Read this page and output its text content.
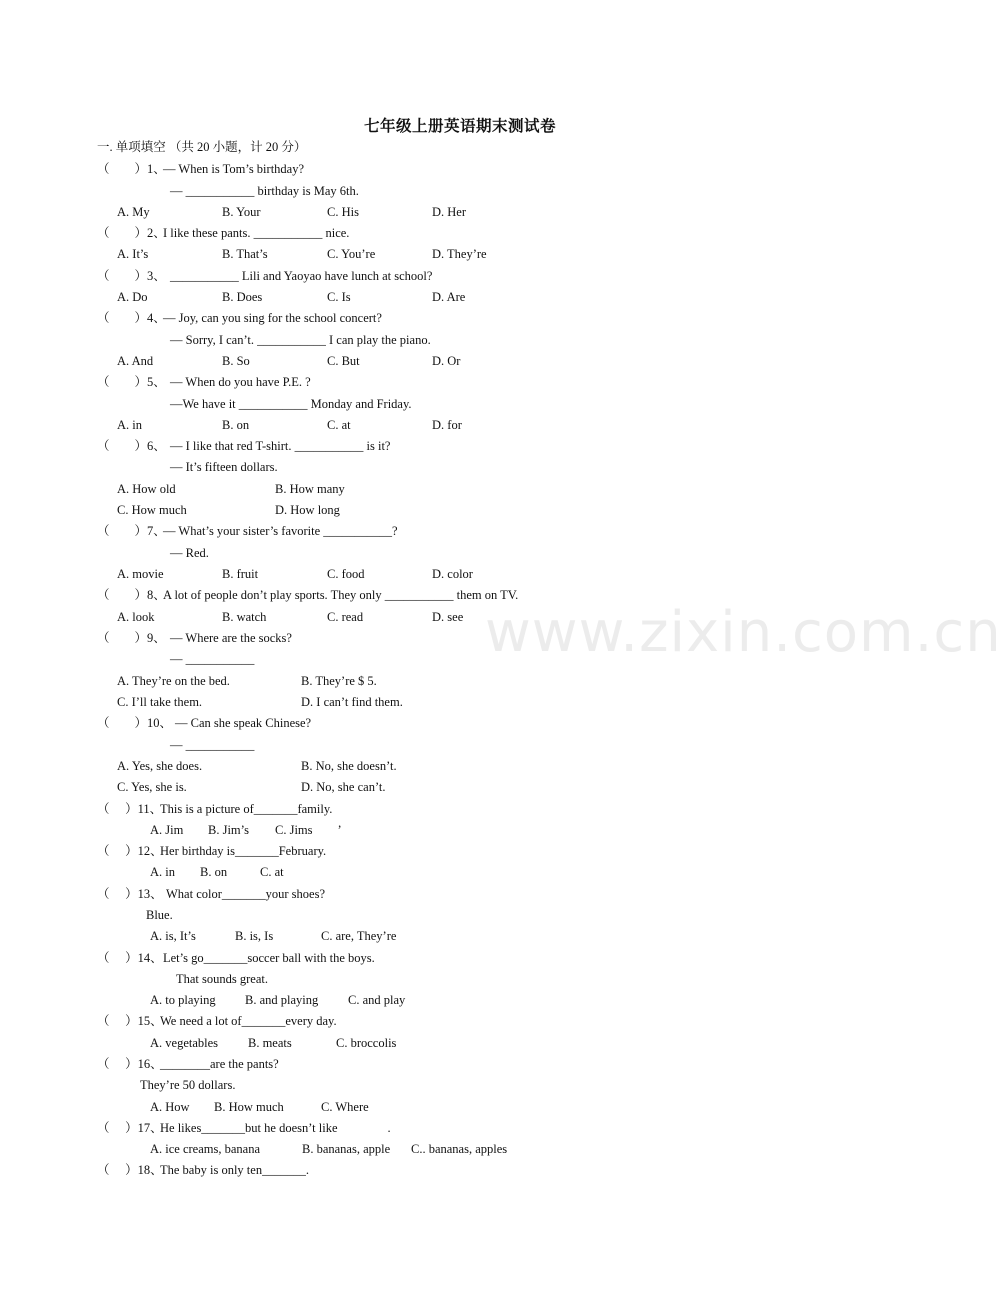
七年级上册英语期末测试卷
一. 单项填空 （共 20 小题，计 20 分）
www.zixin.com.cn
（　　）1、
— When is Tom’s birthday?
— ___________ birthday is May 6th.
A. My	B. Your	C. His	D. Her
（　　）2、
I like these pants. ___________ nice.
A. It’s	B. That’s	C. You’re	D. They’re
（　　）3、 ___________ Lili and Yaoyao have lunch at school?
A. Do	B. Does	C. Is	D. Are
（　　）4、
— Joy, can you sing for the school concert?
— Sorry, I can’t. ___________ I can play the piano.
A. And	B. So	C. But	D. Or
（　　）5、 — When do you have P.E. ?
—We have it ___________ Monday and Friday.
A. in	B. on	C. at	D. for
（　　）6、 — I like that red T-shirt. ___________ is it?
— It’s fifteen dollars.
A. How old	B. How many
C. How much	D. How long
（　　）7、
— What’s your sister’s favorite ___________?
— Red.
A. movie	B. fruit	C. food	D. color
（　　）8、
A lot of people don’t play sports. They only ___________ them on TV.
A. look	B. watch	C. read	D. see
（　　）9、 — Where are the socks?
— ___________
A. They’re on the bed.	B. They’re $ 5.
C. I’ll take them.	D. I can’t find them.
（　　）10、 — Can she speak Chinese?
— ___________
A. Yes, she does.	B. No, she doesn’t.
C. Yes, she is.	D. No, she can’t.
（　 ）11、
This is a picture of_______family.
A. Jim B. Jim’s C. Jims　　’
（　 ）12、
Her birthday is_______February.
A. in B. on	C. at
（　 ）13、 What color_______your shoes?
Blue.
A. is, It’s	B. is, Is	C. are, They’re
（　 ）14、 Let’s go_______soccer ball with the boys.
That sounds great.
A. to playing B. and playing C. and play
（　 ）15、
We need a lot of_______every day.
A. vegetables B. meats	C. broccolis
（　 ）16、
________are the pants?
They’re 50 dollars.
A. How B. How much	C. Where
（　 ）17、
He likes_______but he doesn’t like　　　　.
A. ice creams, banana	B. bananas, apple C.. bananas, apples
（　 ）18、
The baby is only ten_______.
